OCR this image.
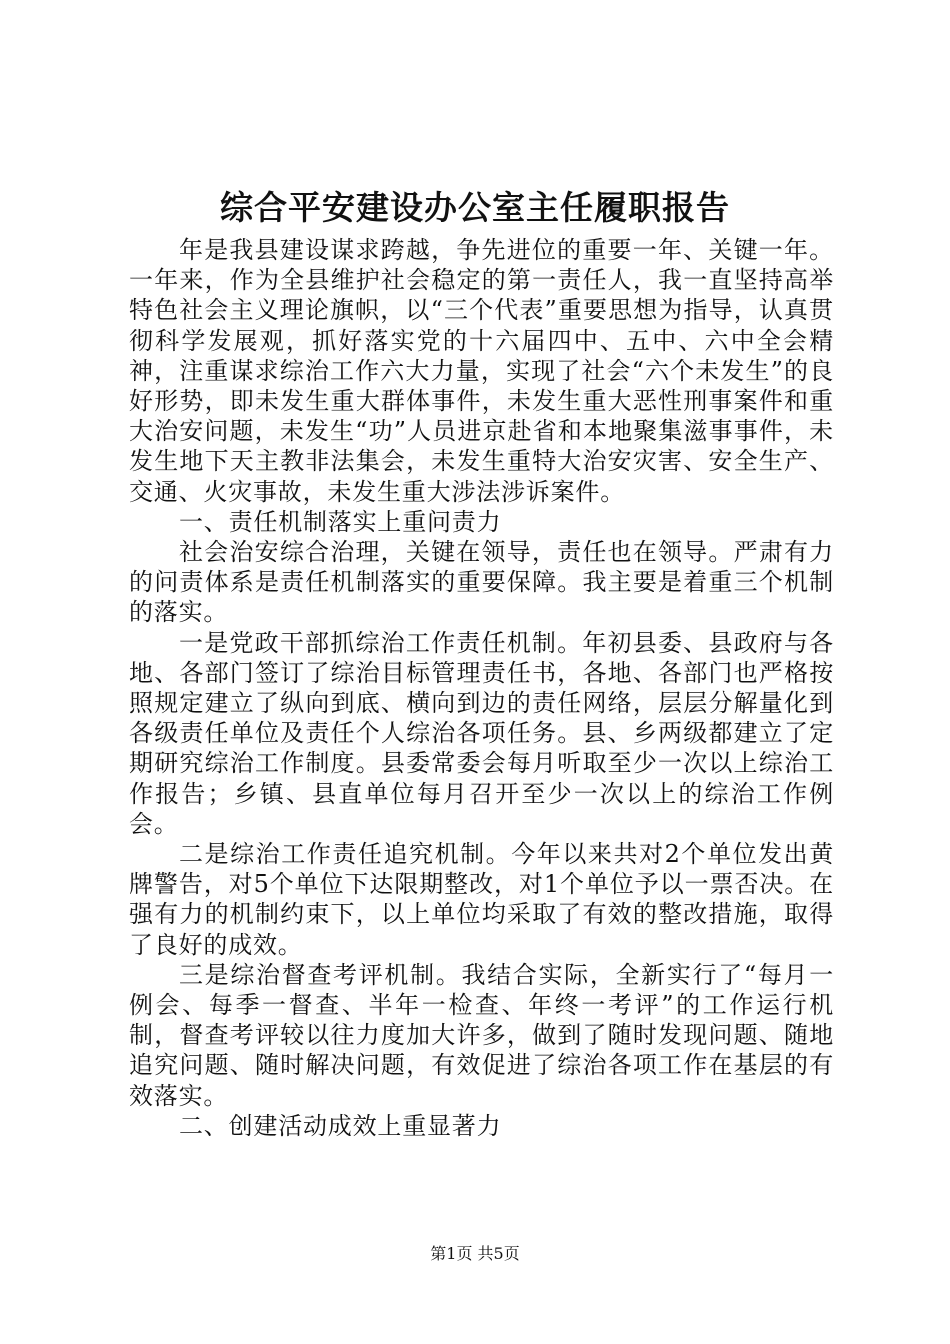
综合平安建设办公室主任履职报告

年是我县建设谋求跨越，争先进位的重要一年、关键一年。一年来，作为全县维护社会稳定的第一责任人，我一直坚持高举特色社会主义理论旗帜，以“三个代表”重要思想为指导，认真贯彻科学发展观，抓好落实党的十六届四中、五中、六中全会精神，注重谋求综治工作六大力量，实现了社会“六个未发生”的良好形势，即未发生重大群体事件，未发生重大恶性刑事案件和重大治安问题，未发生“功”人员进京赴省和本地聚集滋事事件，未发生地下天主教非法集会，未发生重特大治安灾害、安全生产、交通、火灾事故，未发生重大涉法涉诉案件。

一、责任机制落实上重问责力

社会治安综合治理，关键在领导，责任也在领导。严肃有力的问责体系是责任机制落实的重要保障。我主要是着重三个机制的落实。

一是党政干部抓综治工作责任机制。年初县委、县政府与各地、各部门签订了综治目标管理责任书，各地、各部门也严格按照规定建立了纵向到底、横向到边的责任网络，层层分解量化到各级责任单位及责任个人综治各项任务。县、乡两级都建立了定期研究综治工作制度。县委常委会每月听取至少一次以上综治工作报告；乡镇、县直单位每月召开至少一次以上的综治工作例会。

二是综治工作责任追究机制。今年以来共对2个单位发出黄牌警告，对5个单位下达限期整改，对1个单位予以一票否决。在强有力的机制约束下，以上单位均采取了有效的整改措施，取得了良好的成效。

三是综治督查考评机制。我结合实际，全新实行了“每月一例会、每季一督查、半年一检查、年终一考评”的工作运行机制，督查考评较以往力度加大许多，做到了随时发现问题、随地追究问题、随时解决问题，有效促进了综治各项工作在基层的有效落实。

二、创建活动成效上重显著力

第1页 共5页
